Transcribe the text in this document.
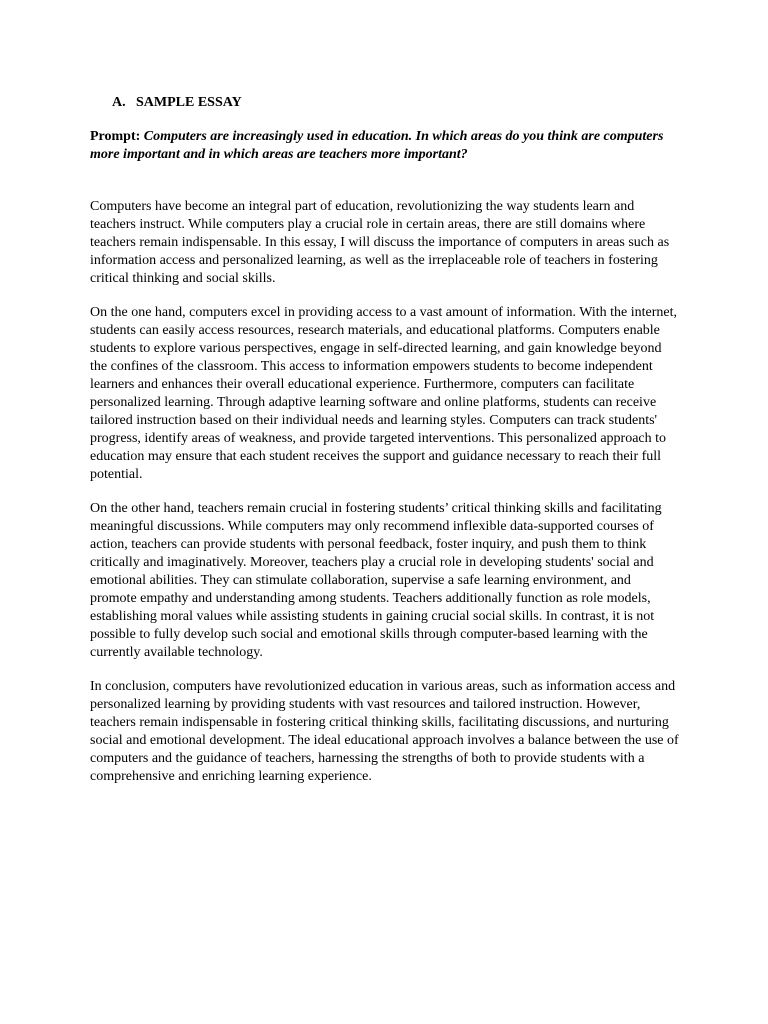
A. SAMPLE ESSAY
Prompt: Computers are increasingly used in education. In which areas do you think are computers more important and in which areas are teachers more important?

Computers have become an integral part of education, revolutionizing the way students learn and teachers instruct. While computers play a crucial role in certain areas, there are still domains where teachers remain indispensable. In this essay, I will discuss the importance of computers in areas such as information access and personalized learning, as well as the irreplaceable role of teachers in fostering critical thinking and social skills.

On the one hand, computers excel in providing access to a vast amount of information. With the internet, students can easily access resources, research materials, and educational platforms. Computers enable students to explore various perspectives, engage in self-directed learning, and gain knowledge beyond the confines of the classroom. This access to information empowers students to become independent learners and enhances their overall educational experience. Furthermore, computers can facilitate personalized learning. Through adaptive learning software and online platforms, students can receive tailored instruction based on their individual needs and learning styles. Computers can track students' progress, identify areas of weakness, and provide targeted interventions. This personalized approach to education may ensure that each student receives the support and guidance necessary to reach their full potential.

On the other hand, teachers remain crucial in fostering students’ critical thinking skills and facilitating meaningful discussions. While computers may only recommend inflexible data-supported courses of action, teachers can provide students with personal feedback, foster inquiry, and push them to think critically and imaginatively. Moreover, teachers play a crucial role in developing students' social and emotional abilities. They can stimulate collaboration, supervise a safe learning environment, and promote empathy and understanding among students. Teachers additionally function as role models, establishing moral values while assisting students in gaining crucial social skills. In contrast, it is not possible to fully develop such social and emotional skills through computer-based learning with the currently available technology.

In conclusion, computers have revolutionized education in various areas, such as information access and personalized learning by providing students with vast resources and tailored instruction. However, teachers remain indispensable in fostering critical thinking skills, facilitating discussions, and nurturing social and emotional development. The ideal educational approach involves a balance between the use of computers and the guidance of teachers, harnessing the strengths of both to provide students with a comprehensive and enriching learning experience.
